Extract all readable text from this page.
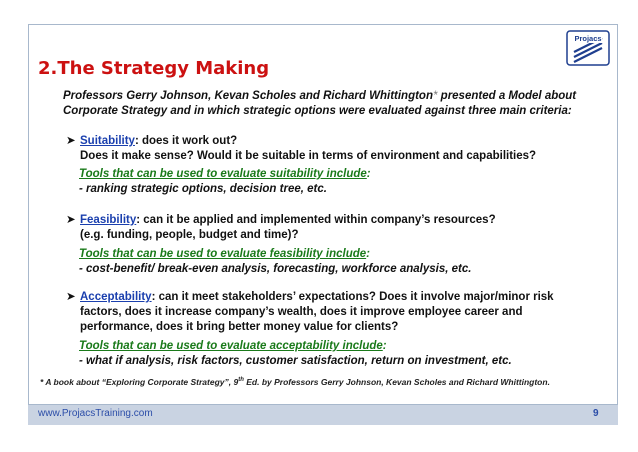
Projacs
2.The Strategy Making
Professors Gerry Johnson, Kevan Scholes and Richard Whittington* presented a Model about Corporate Strategy and in which strategic options were evaluated against three main criteria:
➤ Suitability: does it work out?
Does it make sense? Would it be suitable in terms of environment and capabilities?
Tools that can be used to evaluate suitability include:
- ranking strategic options, decision tree, etc.
➤ Feasibility: can it be applied and implemented within company’s resources?
(e.g. funding, people, budget and time)?
Tools that can be used to evaluate feasibility include:
- cost-benefit/ break-even analysis, forecasting, workforce analysis, etc.
➤ Acceptability: can it meet stakeholders’ expectations? Does it involve major/minor risk
factors, does it increase company’s wealth, does it improve employee career and performance, does it bring better money value for clients?
Tools that can be used to evaluate acceptability include:
- what if analysis, risk factors, customer satisfaction, return on investment, etc.
* A book about “Exploring Corporate Strategy”, 9th Ed. by Professors Gerry Johnson, Kevan Scholes and Richard Whittington.
www.ProjacsTraining.com	9
